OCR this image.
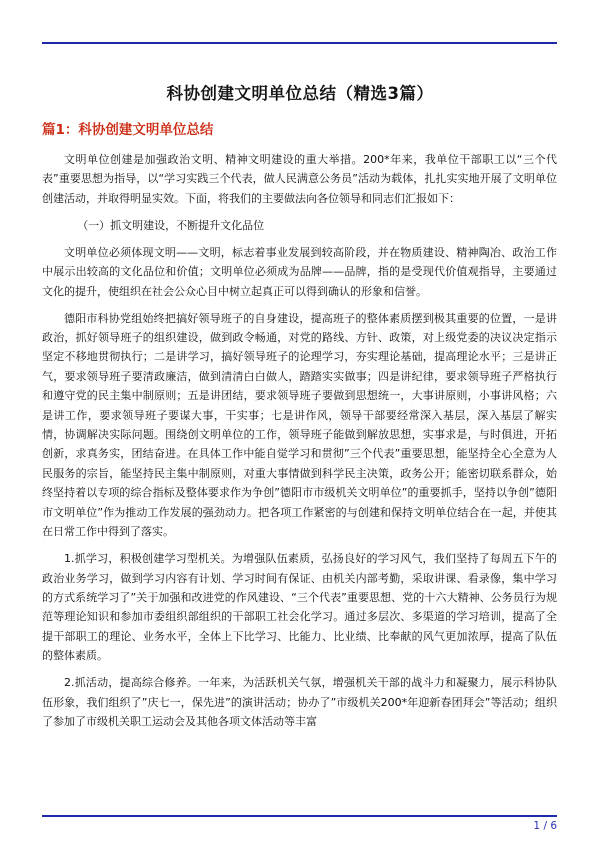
科协创建文明单位总结（精选3篇）
篇1：科协创建文明单位总结

文明单位创建是加强政治文明、精神文明建设的重大举措。200*年来，我单位干部职工以“三个代表”重要思想为指导，以“学习实践三个代表，做人民满意公务员”活动为载体，扎扎实实地开展了文明单位创建活动，并取得明显实效。下面，将我们的主要做法向各位领导和同志们汇报如下：

（一）抓文明建设，不断提升文化品位

文明单位必须体现文明——文明，标志着事业发展到较高阶段，并在物质建设、精神陶冶、政治工作中展示出较高的文化品位和价值；文明单位必须成为品牌——品牌，指的是受现代价值观指导，主要通过文化的提升，使组织在社会公众心目中树立起真正可以得到确认的形象和信誉。

德阳市科协党组始终把搞好领导班子的自身建设，提高班子的整体素质摆到极其重要的位置，一是讲政治，抓好领导班子的组织建设，做到政令畅通，对党的路线、方针、政策，对上级党委的决议决定指示坚定不移地贯彻执行；二是讲学习，搞好领导班子的论理学习，夯实理论基础，提高理论水平；三是讲正气，要求领导班子要清政廉洁，做到清清白白做人，踏踏实实做事；四是讲纪律，要求领导班子严格执行和遵守党的民主集中制原则；五是讲团结，要求领导班子要做到思想统一，大事讲原则，小事讲风格；六是讲工作，要求领导班子要谋大事，干实事；七是讲作风，领导干部要经常深入基层，深入基层了解实情，协调解决实际问题。围绕创文明单位的工作，领导班子能做到解放思想，实事求是，与时俱进，开拓创新，求真务实，团结奋进。在具体工作中能自觉学习和贯彻”三个代表”重要思想，能坚持全心全意为人民服务的宗旨，能坚持民主集中制原则，对重大事情做到科学民主决策，政务公开；能密切联系群众，始终坚持着以专项的综合指标及整体要求作为争创”德阳市市级机关文明单位”的重要抓手，坚持以争创”德阳市文明单位”作为推动工作发展的强劲动力。把各项工作紧密的与创建和保持文明单位结合在一起，并使其在日常工作中得到了落实。

1.抓学习，积极创建学习型机关。为增强队伍素质，弘扬良好的学习风气，我们坚持了每周五下午的政治业务学习，做到学习内容有计划、学习时间有保证、由机关内部考勤，采取讲课、看录像，集中学习的方式系统学习了”关于加强和改进党的作风建设、“三个代表”重要思想、党的十六大精神、公务员行为规范等理论知识和参加市委组织部组织的干部职工社会化学习。通过多层次、多渠道的学习培训，提高了全提干部职工的理论、业务水平，全体上下比学习、比能力、比业绩、比奉献的风气更加浓厚，提高了队伍的整体素质。

2.抓活动，提高综合修养。一年来，为活跃机关气氛，增强机关干部的战斗力和凝聚力，展示科协队伍形象，我们组织了”庆七一，保先进”的演讲活动；协办了”市级机关200*年迎新春团拜会”等活动；组织了参加了市级机关职工运动会及其他各项文体活动等丰富

1 / 6
